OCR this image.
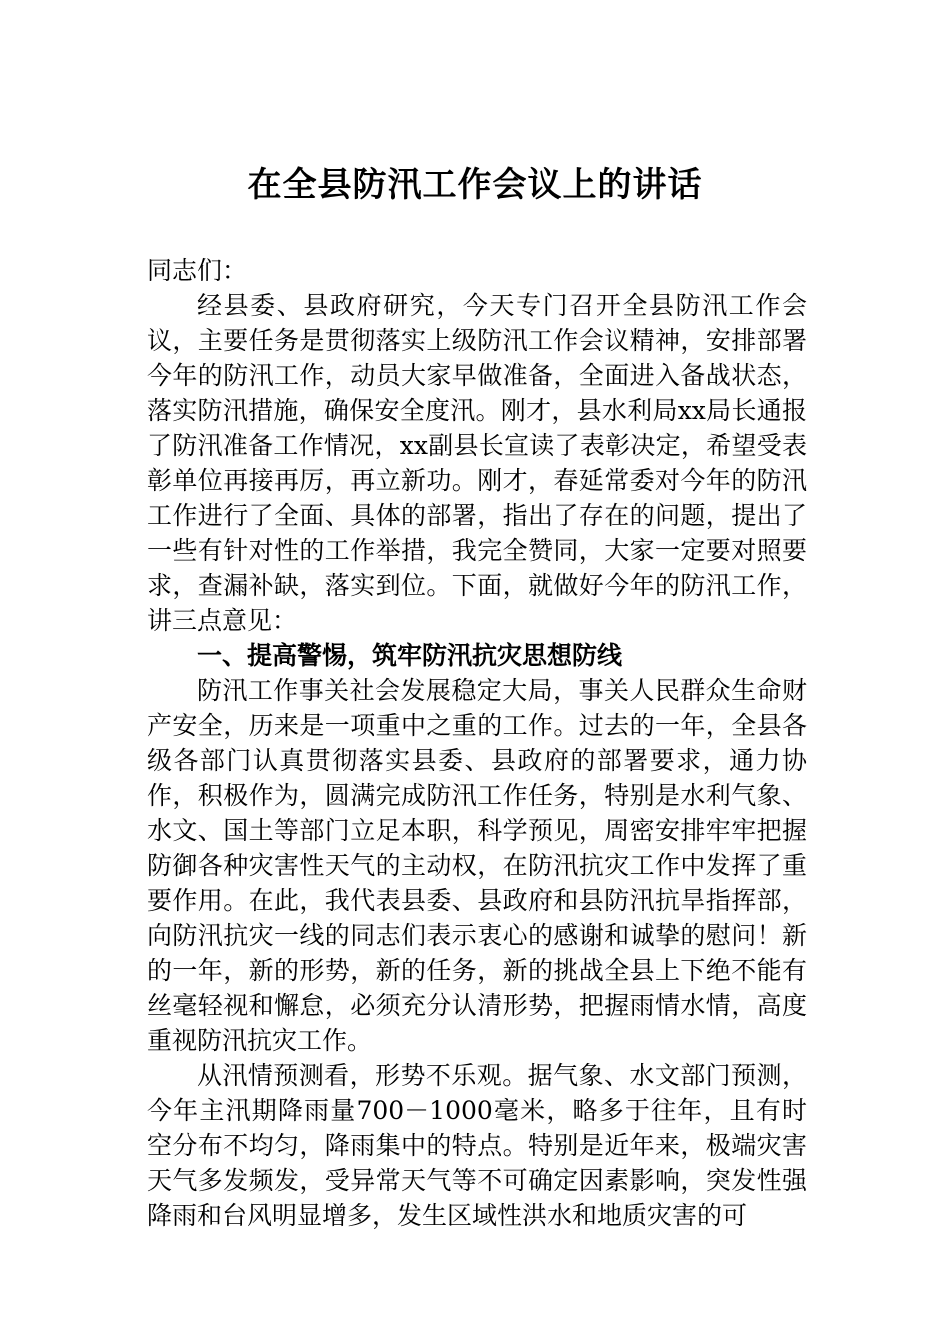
在全县防汛工作会议上的讲话

同志们：

经县委、县政府研究，今天专门召开全县防汛工作会议，主要任务是贯彻落实上级防汛工作会议精神，安排部署今年的防汛工作，动员大家早做准备，全面进入备战状态，落实防汛措施，确保安全度汛。刚才，县水利局xx局长通报了防汛准备工作情况，xx副县长宣读了表彰决定，希望受表彰单位再接再厉，再立新功。刚才，春延常委对今年的防汛工作进行了全面、具体的部署，指出了存在的问题，提出了一些有针对性的工作举措，我完全赞同，大家一定要对照要求，查漏补缺，落实到位。下面，就做好今年的防汛工作，讲三点意见：

一、提高警惕，筑牢防汛抗灾思想防线

防汛工作事关社会发展稳定大局，事关人民群众生命财产安全，历来是一项重中之重的工作。过去的一年，全县各级各部门认真贯彻落实县委、县政府的部署要求，通力协作，积极作为，圆满完成防汛工作任务，特别是水利气象、水文、国土等部门立足本职，科学预见，周密安排牢牢把握防御各种灾害性天气的主动权，在防汛抗灾工作中发挥了重要作用。在此，我代表县委、县政府和县防汛抗旱指挥部，向防汛抗灾一线的同志们表示衷心的感谢和诚挚的慰问！新的一年，新的形势，新的任务，新的挑战全县上下绝不能有丝毫轻视和懈怠，必须充分认清形势，把握雨情水情，高度重视防汛抗灾工作。

从汛情预测看，形势不乐观。据气象、水文部门预测，今年主汛期降雨量700－1000毫米，略多于往年，且有时空分布不均匀，降雨集中的特点。特别是近年来，极端灾害天气多发频发，受异常天气等不可确定因素影响，突发性强降雨和台风明显增多，发生区域性洪水和地质灾害的可
